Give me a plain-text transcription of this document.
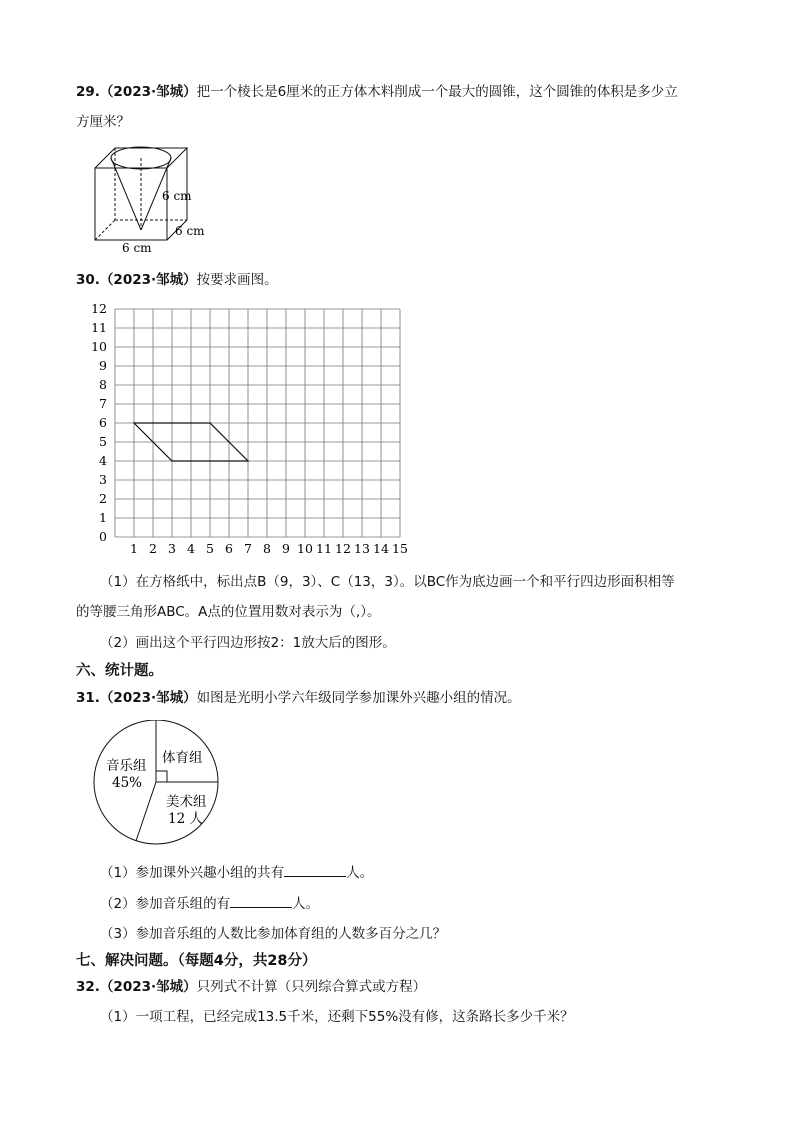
29.（2023·邹城）把一个棱长是6厘米的正方体木料削成一个最大的圆锥，这个圆锥的体积是多少立
方厘米？
6 cm
6 cm
6 cm
30.（2023·邹城）按要求画图。
1 2 3 4 5 6 7 8 9 10 11 12 13 14 15
0
1
2
3
4
5
6
7
8
9
10
11
12
（1）在方格纸中，标出点B（9，3）、C（13，3）。以BC作为底边画一个和平行四边形面积相等
的等腰三角形ABC。A点的位置用数对表示为（,）。
（2）画出这个平行四边形按2：1放大后的图形。
六、统计题。
31.（2023·邹城）如图是光明小学六年级同学参加课外兴趣小组的情况。
体育组
音乐组
45%
美术组
12 人
（1）参加课外兴趣小组的共有	人。
（2）参加音乐组的有	人。
（3）参加音乐组的人数比参加体育组的人数多百分之几？
七、解决问题。（每题4分，共28分）
32.（2023·邹城）只列式不计算（只列综合算式或方程）
（1）一项工程，已经完成13.5千米，还剩下55%没有修，这条路长多少千米？
